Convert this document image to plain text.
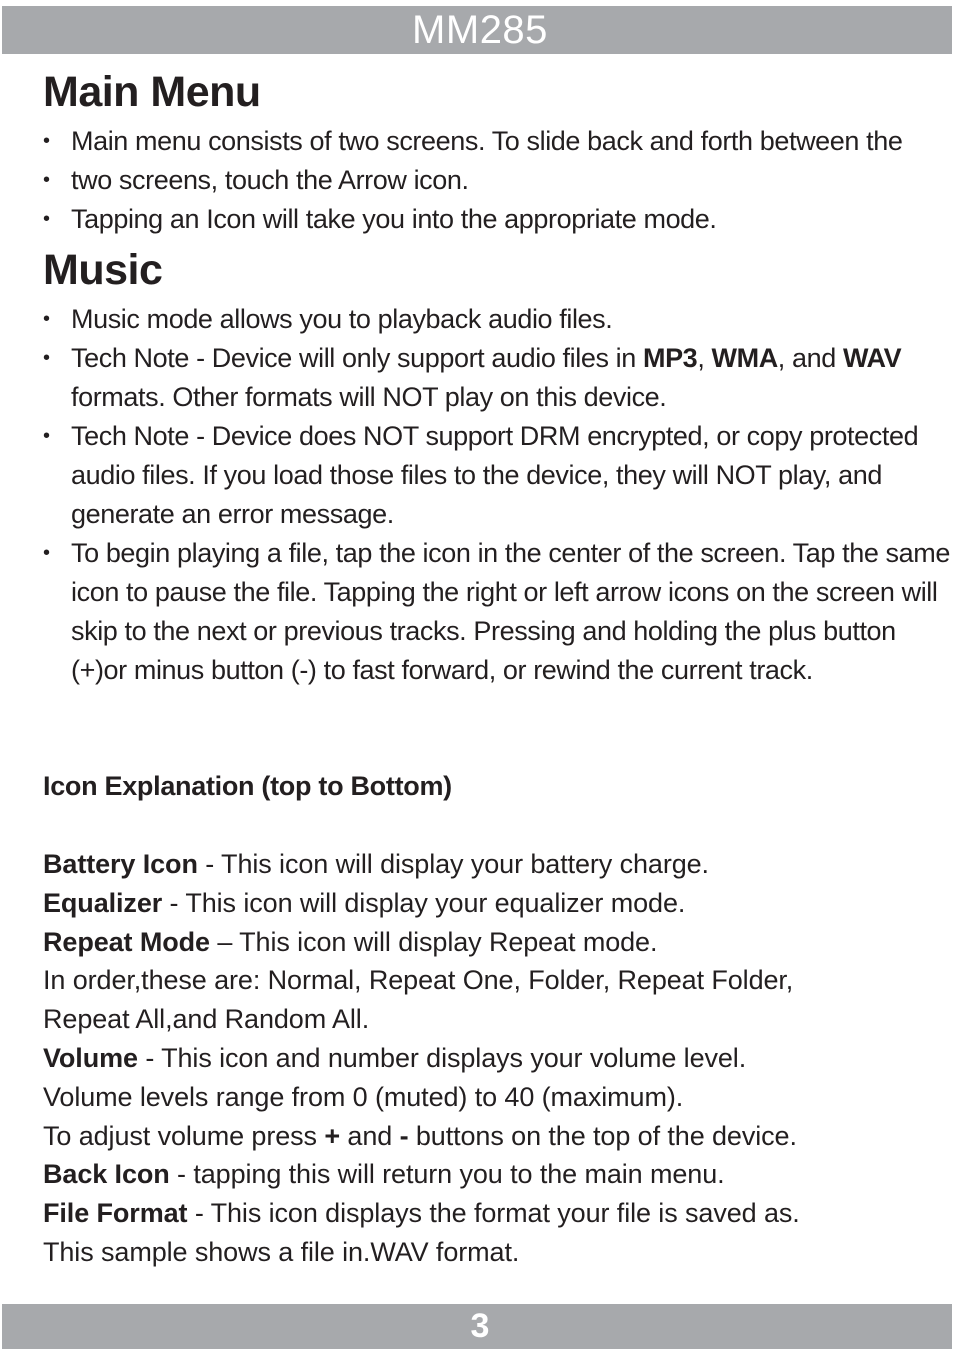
MM285
Main Menu
• Main menu consists of two screens. To slide back and forth between the
• two screens, touch the Arrow icon.
• Tapping an Icon will take you into the appropriate mode.
Music
• Music mode allows you to playback audio files.
• Tech Note - Device will only support audio files in MP3, WMA, and WAV formats. Other formats will NOT play on this device.
• Tech Note - Device does NOT support DRM encrypted, or copy protected audio files. If you load those files to the device, they will NOT play, and generate an error message.
• To begin playing a file, tap the icon in the center of the screen. Tap the same icon to pause the file. Tapping the right or left arrow icons on the screen will skip to the next or previous tracks. Pressing and holding the plus button (+)or minus button (-) to fast forward, or rewind the current track.
Icon Explanation (top to Bottom)

Battery Icon - This icon will display your battery charge.

Equalizer - This icon will display your equalizer mode.

Repeat Mode – This icon will display Repeat mode.

In order,these are: Normal, Repeat One, Folder, Repeat Folder,

Repeat All,and Random All.

Volume - This icon and number displays your volume level.

Volume levels range from 0 (muted) to 40 (maximum).

To adjust volume press + and - buttons on the top of the device.

Back Icon - tapping this will return you to the main menu.

File Format - This icon displays the format your file is saved as.

This sample shows a file in.WAV format.

3
